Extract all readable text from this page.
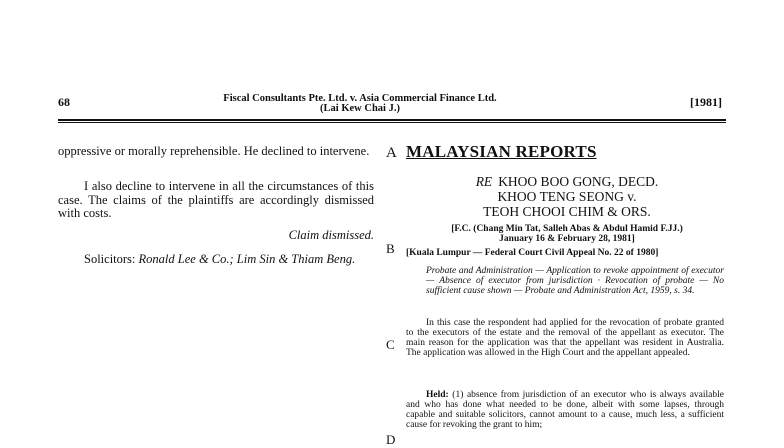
68	Fiscal Consultants Pte. Ltd. v. Asia Commercial Finance Ltd.
(Lai Kew Chai J.)	[1981]
oppressive or morally reprehensible. He declined to intervene.
I also decline to intervene in all the circumstances of this case. The claims of the plaintiffs are accordingly dismissed with costs.
Claim dismissed.
Solicitors: Ronald Lee & Co.; Lim Sin & Thiam Beng.
A
B
C
D
MALAYSIAN REPORTS
RE KHOO BOO GONG, DECD.
KHOO TENG SEONG v.
TEOH CHOOI CHIM & ORS.
[F.C. (Chang Min Tat, Salleh Abas & Abdul Hamid F.JJ.)
January 16 & February 28, 1981]
[Kuala Lumpur — Federal Court Civil Appeal No. 22 of 1980]
Probate and Administration — Application to revoke appointment of executor — Absence of executor from jurisdiction · Revocation of probate — No sufficient cause shown — Probate and Administration Act, 1959, s. 34.
In this case the respondent had applied for the revocation of probate granted to the executors of the estate and the removal of the appellant as executor. The main reason for the application was that the appellant was resident in Australia. The application was allowed in the High Court and the appellant appealed.
Held: (1) absence from jurisdiction of an executor who is always available and who has done what needed to be done, albeit with some lapses, through capable and suitable solicitors, cannot amount to a cause, much less, a sufficient cause for revoking the grant to him;
